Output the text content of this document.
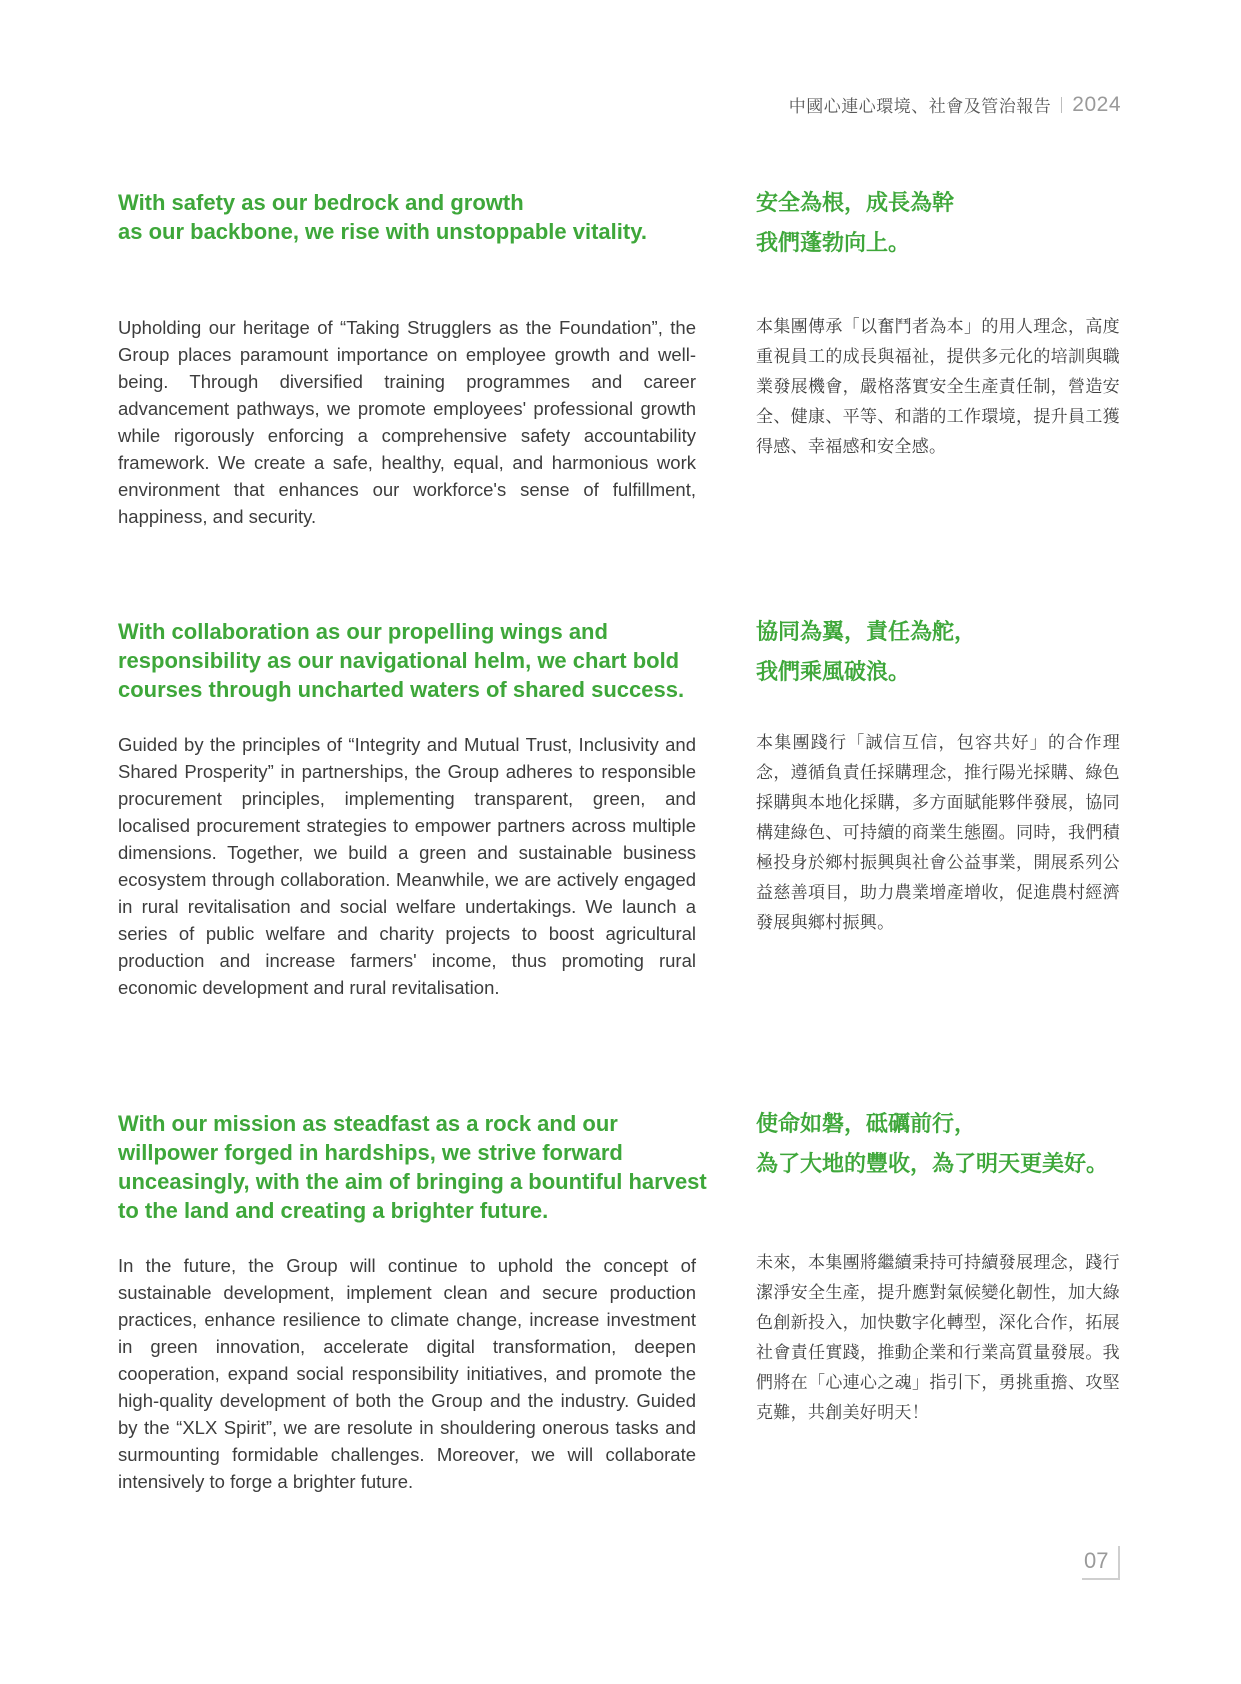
中國心連心環境、社會及管治報告 2024
With safety as our bedrock and growth
as our backbone, we rise with unstoppable vitality.
安全為根，成長為幹
我們蓬勃向上。

Upholding our heritage of “Taking Strugglers as the Foundation”, the Group places paramount importance on employee growth and well-being. Through diversified training programmes and career advancement pathways, we promote employees' professional growth while rigorously enforcing a comprehensive safety accountability framework. We create a safe, healthy, equal, and harmonious work environment that enhances our workforce's sense of fulfillment, happiness, and security.

本集團傳承「以奮鬥者為本」的用人理念，高度重視員工的成長與福祉，提供多元化的培訓與職業發展機會，嚴格落實安全生產責任制，營造安全、健康、平等、和諧的工作環境，提升員工獲得感、幸福感和安全感。

With collaboration as our propelling wings and
responsibility as our navigational helm, we chart bold
courses through uncharted waters of shared success.
協同為翼，責任為舵，
我們乘風破浪。

Guided by the principles of “Integrity and Mutual Trust, Inclusivity and Shared Prosperity” in partnerships, the Group adheres to responsible procurement principles, implementing transparent, green, and localised procurement strategies to empower partners across multiple dimensions. Together, we build a green and sustainable business ecosystem through collaboration. Meanwhile, we are actively engaged in rural revitalisation and social welfare undertakings. We launch a series of public welfare and charity projects to boost agricultural production and increase farmers' income, thus promoting rural economic development and rural revitalisation.

本集團踐行「誠信互信，包容共好」的合作理念，遵循負責任採購理念，推行陽光採購、綠色採購與本地化採購，多方面賦能夥伴發展，協同構建綠色、可持續的商業生態圈。同時，我們積極投身於鄉村振興與社會公益事業，開展系列公益慈善項目，助力農業增產增收，促進農村經濟發展與鄉村振興。

With our mission as steadfast as a rock and our
willpower forged in hardships, we strive forward
unceasingly, with the aim of bringing a bountiful harvest
to the land and creating a brighter future.
使命如磐，砥礪前行，
為了大地的豐收，為了明天更美好。

In the future, the Group will continue to uphold the concept of sustainable development, implement clean and secure production practices, enhance resilience to climate change, increase investment in green innovation, accelerate digital transformation, deepen cooperation, expand social responsibility initiatives, and promote the high-quality development of both the Group and the industry. Guided by the “XLX Spirit”, we are resolute in shouldering onerous tasks and surmounting formidable challenges. Moreover, we will collaborate intensively to forge a brighter future.

未來，本集團將繼續秉持可持續發展理念，踐行潔淨安全生產，提升應對氣候變化韌性，加大綠色創新投入，加快數字化轉型，深化合作，拓展社會責任實踐，推動企業和行業高質量發展。我們將在「心連心之魂」指引下，勇挑重擔、攻堅克難，共創美好明天！

07
